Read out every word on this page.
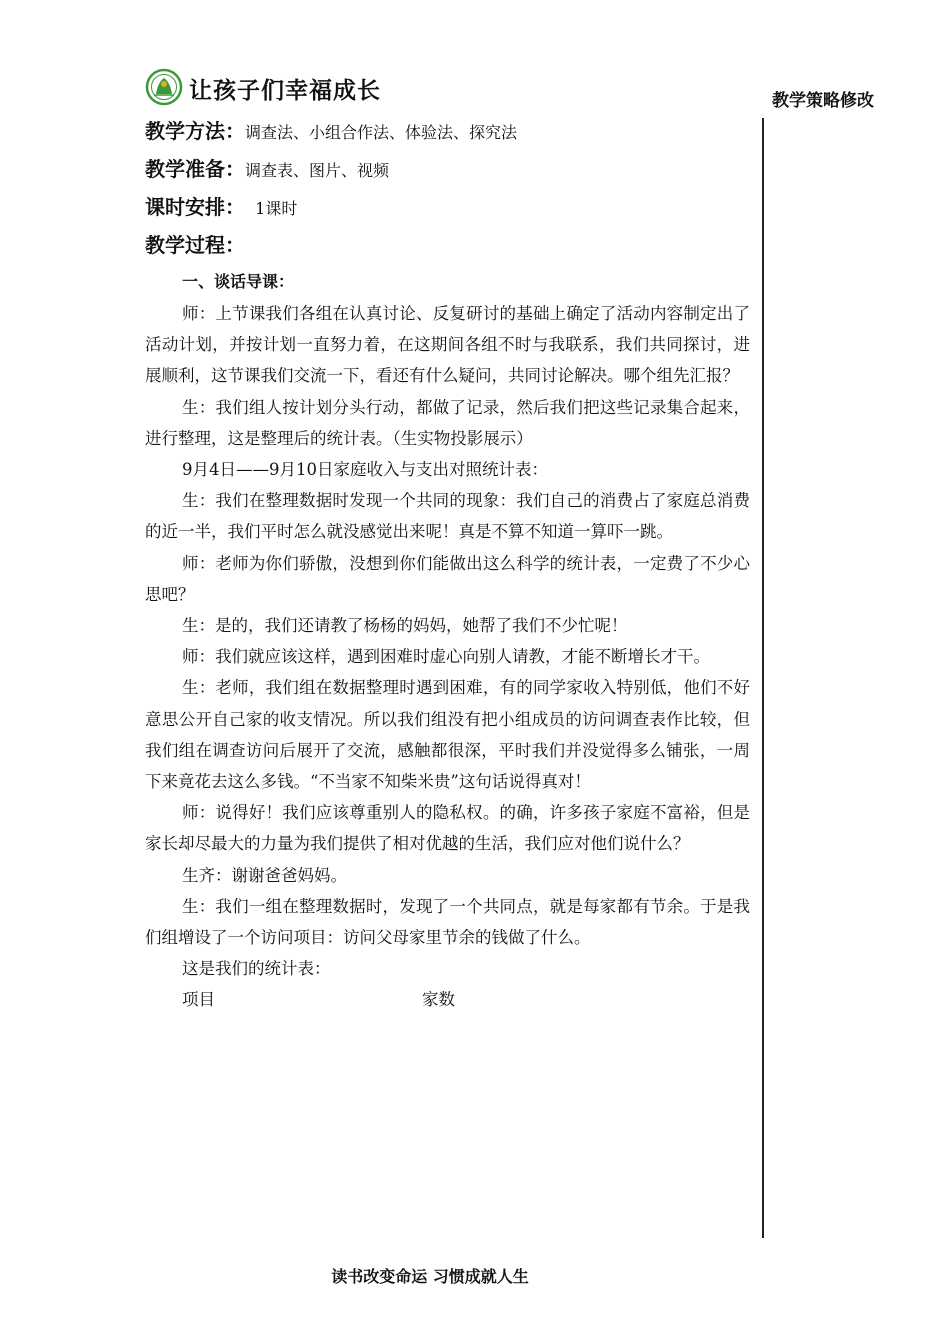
让孩子们幸福成长	教学策略修改
教学方法：调查法、小组合作法、体验法、探究法
教学准备：调查表、图片、视频
课时安排：  1课时
教学过程：
一、谈话导课：

师：上节课我们各组在认真讨论、反复研讨的基础上确定了活动内容制定出了活动计划，并按计划一直努力着，在这期间各组不时与我联系，我们共同探讨，进展顺利，这节课我们交流一下，看还有什么疑问，共同讨论解决。哪个组先汇报？

生：我们组人按计划分头行动，都做了记录，然后我们把这些记录集合起来，进行整理，这是整理后的统计表。（生实物投影展示）

9月4日——9月10日家庭收入与支出对照统计表：

生：我们在整理数据时发现一个共同的现象：我们自己的消费占了家庭总消费的近一半，我们平时怎么就没感觉出来呢！真是不算不知道一算吓一跳。

师：老师为你们骄傲，没想到你们能做出这么科学的统计表，一定费了不少心思吧？

生：是的，我们还请教了杨杨的妈妈，她帮了我们不少忙呢！

师：我们就应该这样，遇到困难时虚心向别人请教，才能不断增长才干。

生：老师，我们组在数据整理时遇到困难，有的同学家收入特别低，他们不好意思公开自己家的收支情况。所以我们组没有把小组成员的访问调查表作比较，但我们组在调查访问后展开了交流，感触都很深，平时我们并没觉得多么铺张，一周下来竟花去这么多钱。“不当家不知柴米贵”这句话说得真对！

师：说得好！我们应该尊重别人的隐私权。的确，许多孩子家庭不富裕，但是家长却尽最大的力量为我们提供了相对优越的生活，我们应对他们说什么？

生齐：谢谢爸爸妈妈。

生：我们一组在整理数据时，发现了一个共同点，就是每家都有节余。于是我们组增设了一个访问项目：访问父母家里节余的钱做了什么。

这是我们的统计表：

项目	家数
读书改变命运 习惯成就人生
